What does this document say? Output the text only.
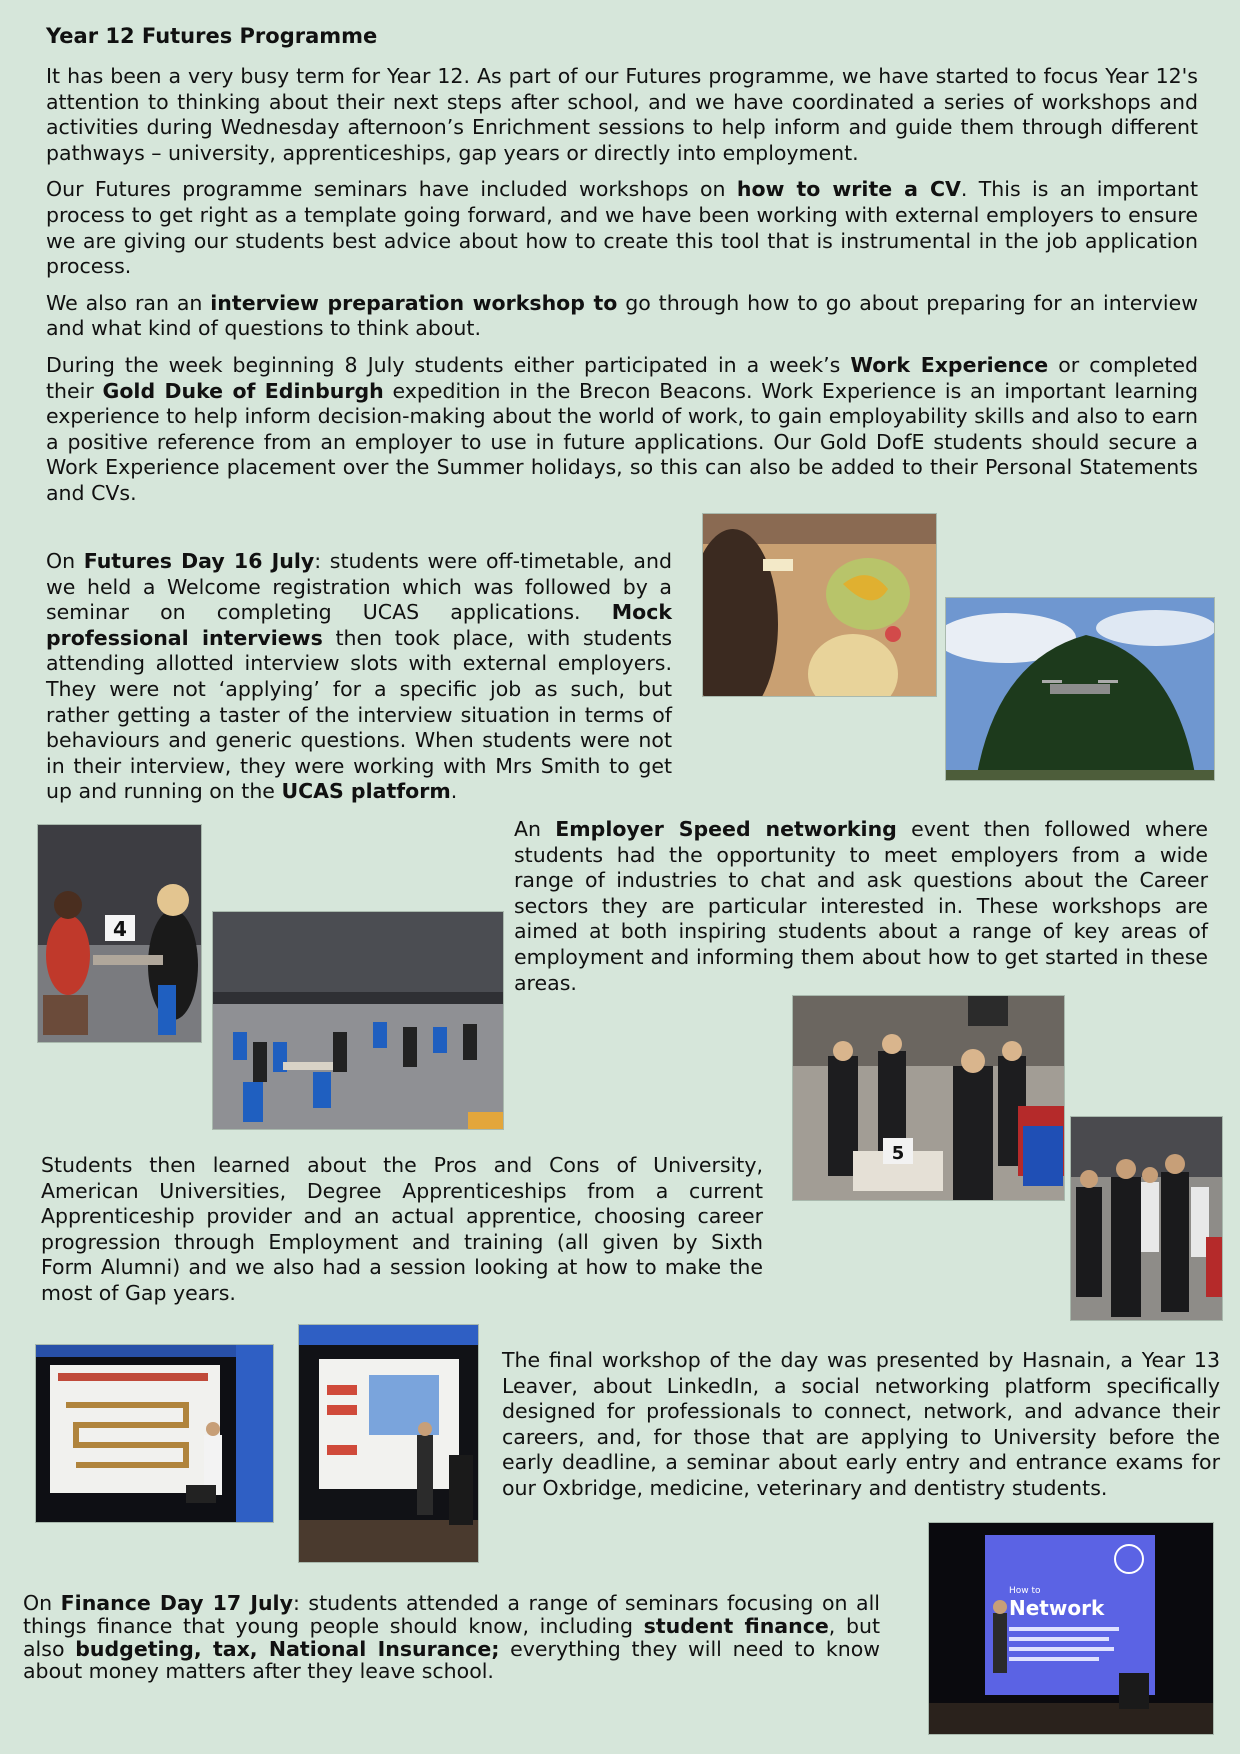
Year 12 Futures Programme

It has been a very busy term for Year 12. As part of our Futures programme, we have started to focus Year 12's attention to thinking about their next steps after school, and we have coordinated a series of workshops and activities during Wednesday afternoon’s Enrichment sessions to help inform and guide them through different pathways – university, apprenticeships, gap years or directly into employment.

Our Futures programme seminars have included workshops on how to write a CV. This is an important process to get right as a template going forward, and we have been working with external employers to ensure we are giving our students best advice about how to create this tool that is instrumental in the job application process.

We also ran an interview preparation workshop to go through how to go about preparing for an interview and what kind of questions to think about.

During the week beginning 8 July students either participated in a week’s Work Experience or completed their Gold Duke of Edinburgh expedition in the Brecon Beacons. Work Experience is an important learning experience to help inform decision-making about the world of work, to gain employability skills and also to earn a positive reference from an employer to use in future applications. Our Gold DofE students should secure a Work Experience placement over the Summer holidays, so this can also be added to their Personal Statements and CVs.

On Futures Day 16 July: students were off-timetable, and we held a Welcome registration which was followed by a seminar on completing UCAS applications. Mock professional interviews then took place, with students attending allotted interview slots with external employers. They were not ‘applying’ for a specific job as such, but rather getting a taster of the interview situation in terms of behaviours and generic questions. When students were not in their interview, they were working with Mrs Smith to get up and running on the UCAS platform.

4

An Employer Speed networking event then followed where students had the opportunity to meet employers from a wide range of industries to chat and ask questions about the Career sectors they are particular interested in. These workshops are aimed at both inspiring students about a range of key areas of employment and informing them about how to get started in these areas.

5

Students then learned about the Pros and Cons of University, American Universities, Degree Apprenticeships from a current Apprenticeship provider and an actual apprentice, choosing career progression through Employment and training (all given by Sixth Form Alumni) and we also had a session looking at how to make the most of Gap years.

The final workshop of the day was presented by Hasnain, a Year 13 Leaver, about LinkedIn, a social networking platform specifically designed for professionals to connect, network, and advance their careers, and, for those that are applying to University before the early deadline, a seminar about early entry and entrance exams for our Oxbridge, medicine, veterinary and dentistry students.

How to
Network

On Finance Day 17 July: students attended a range of seminars focusing on all things finance that young people should know, including student finance, but also budgeting, tax, National Insurance; everything they will need to know about money matters after they leave school.
